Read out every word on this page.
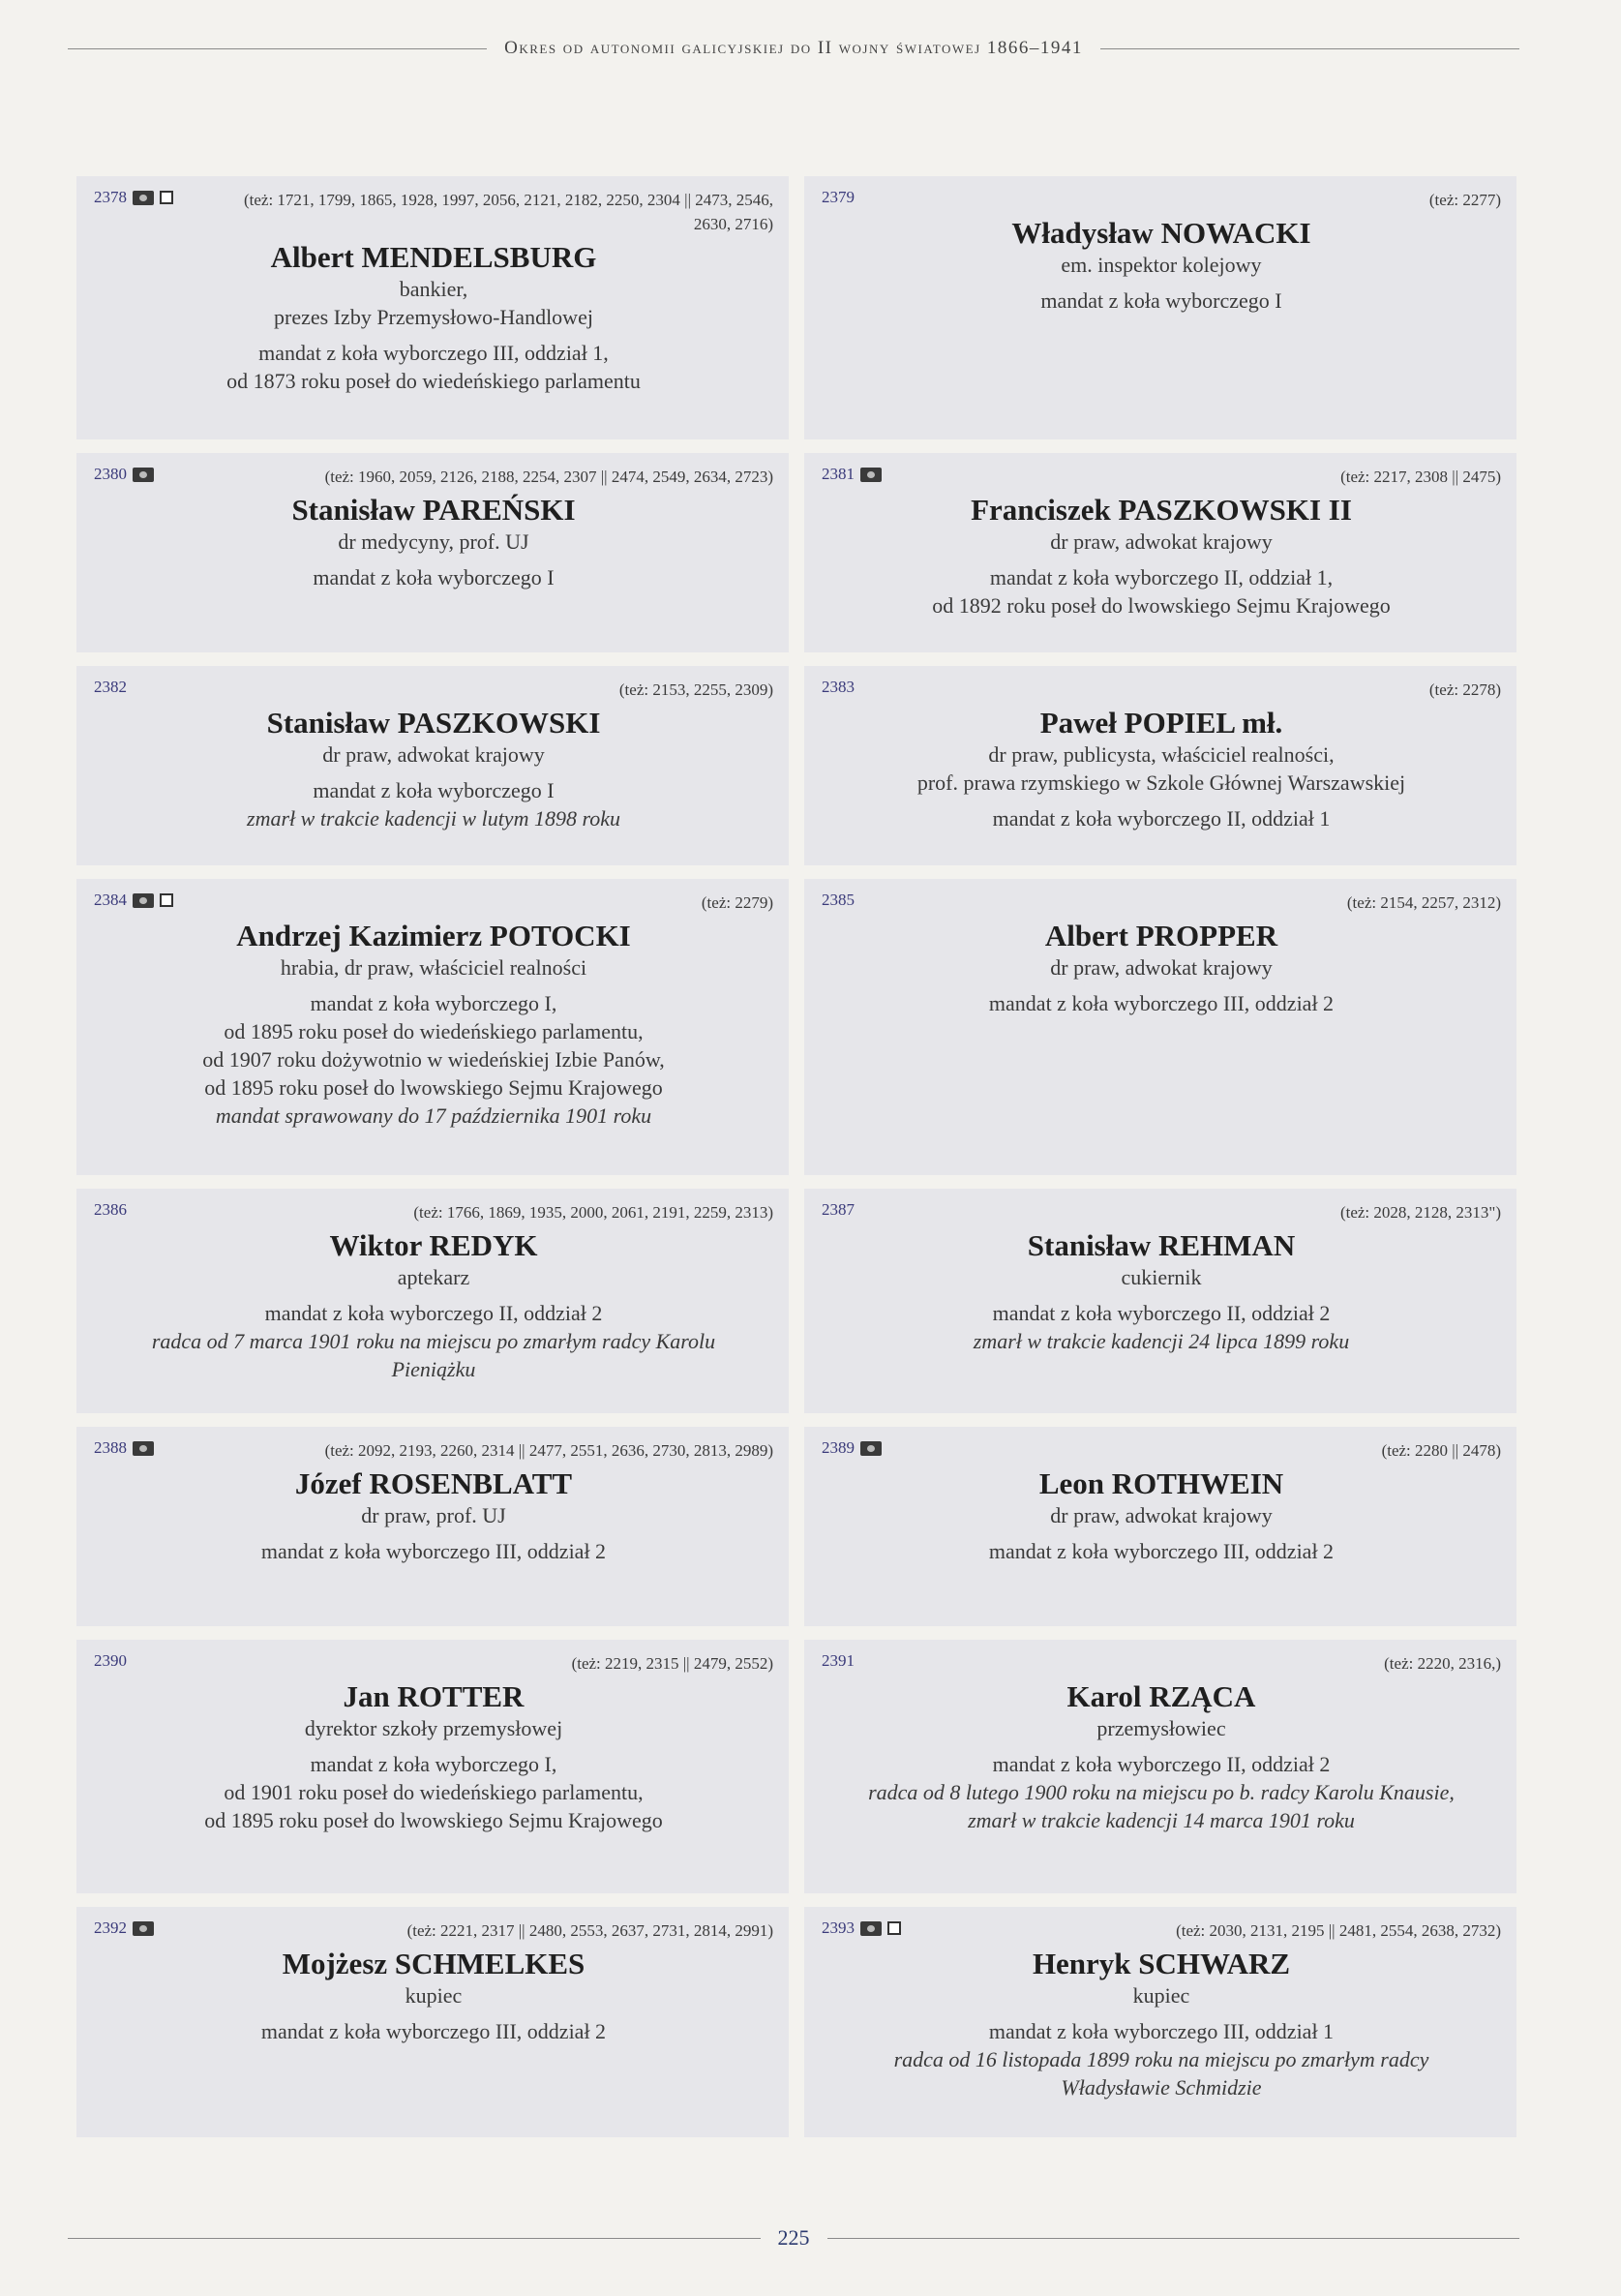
Okres od autonomii galicyjskiej do II wojny światowej 1866–1941
2378	(też: 1721, 1799, 1865, 1928, 1997, 2056, 2121, 2182, 2250, 2304 || 2473, 2546, 2630, 2716)
Albert MENDELSBURG
bankier,
prezes Izby Przemysłowo-Handlowej
mandat z koła wyborczego III, oddział 1,
od 1873 roku poseł do wiedeńskiego parlamentu
2379	(też: 2277)
Władysław NOWACKI
em. inspektor kolejowy
mandat z koła wyborczego I
2380	(też: 1960, 2059, 2126, 2188, 2254, 2307 || 2474, 2549, 2634, 2723)
Stanisław PAREŃSKI
dr medycyny, prof. UJ
mandat z koła wyborczego I
2381	(też: 2217, 2308 || 2475)
Franciszek PASZKOWSKI II
dr praw, adwokat krajowy
mandat z koła wyborczego II, oddział 1,
od 1892 roku poseł do lwowskiego Sejmu Krajowego
2382	(też: 2153, 2255, 2309)
Stanisław PASZKOWSKI
dr praw, adwokat krajowy
mandat z koła wyborczego I
zmarł w trakcie kadencji w lutym 1898 roku
2383	(też: 2278)
Paweł POPIEL mł.
dr praw, publicysta, właściciel realności,
prof. prawa rzymskiego w Szkole Głównej Warszawskiej
mandat z koła wyborczego II, oddział 1
2384	(też: 2279)
Andrzej Kazimierz POTOCKI
hrabia, dr praw, właściciel realności
mandat z koła wyborczego I,
od 1895 roku poseł do wiedeńskiego parlamentu,
od 1907 roku dożywotnio w wiedeńskiej Izbie Panów,
od 1895 roku poseł do lwowskiego Sejmu Krajowego
mandat sprawowany do 17 października 1901 roku
2385	(też: 2154, 2257, 2312)
Albert PROPPER
dr praw, adwokat krajowy
mandat z koła wyborczego III, oddział 2
2386	(też: 1766, 1869, 1935, 2000, 2061, 2191, 2259, 2313)
Wiktor REDYK
aptekarz
mandat z koła wyborczego II, oddział 2
radca od 7 marca 1901 roku na miejscu po zmarłym radcy Karolu
Pieniążku
2387	(też: 2028, 2128, 2313")
Stanisław REHMAN
cukiernik
mandat z koła wyborczego II, oddział 2
zmarł w trakcie kadencji 24 lipca 1899 roku
2388	(też: 2092, 2193, 2260, 2314 || 2477, 2551, 2636, 2730, 2813, 2989)
Józef ROSENBLATT
dr praw, prof. UJ
mandat z koła wyborczego III, oddział 2
2389	(też: 2280 || 2478)
Leon ROTHWEIN
dr praw, adwokat krajowy
mandat z koła wyborczego III, oddział 2
2390	(też: 2219, 2315 || 2479, 2552)
Jan ROTTER
dyrektor szkoły przemysłowej
mandat z koła wyborczego I,
od 1901 roku poseł do wiedeńskiego parlamentu,
od 1895 roku poseł do lwowskiego Sejmu Krajowego
2391	(też: 2220, 2316,)
Karol RZĄCA
przemysłowiec
mandat z koła wyborczego II, oddział 2
radca od 8 lutego 1900 roku na miejscu po b. radcy Karolu Knausie,
zmarł w trakcie kadencji 14 marca 1901 roku
2392	(też: 2221, 2317 || 2480, 2553, 2637, 2731, 2814, 2991)
Mojżesz SCHMELKES
kupiec
mandat z koła wyborczego III, oddział 2
2393	(też: 2030, 2131, 2195 || 2481, 2554, 2638, 2732)
Henryk SCHWARZ
kupiec
mandat z koła wyborczego III, oddział 1
radca od 16 listopada 1899 roku na miejscu po zmarłym radcy
Władysławie Schmidzie
225
